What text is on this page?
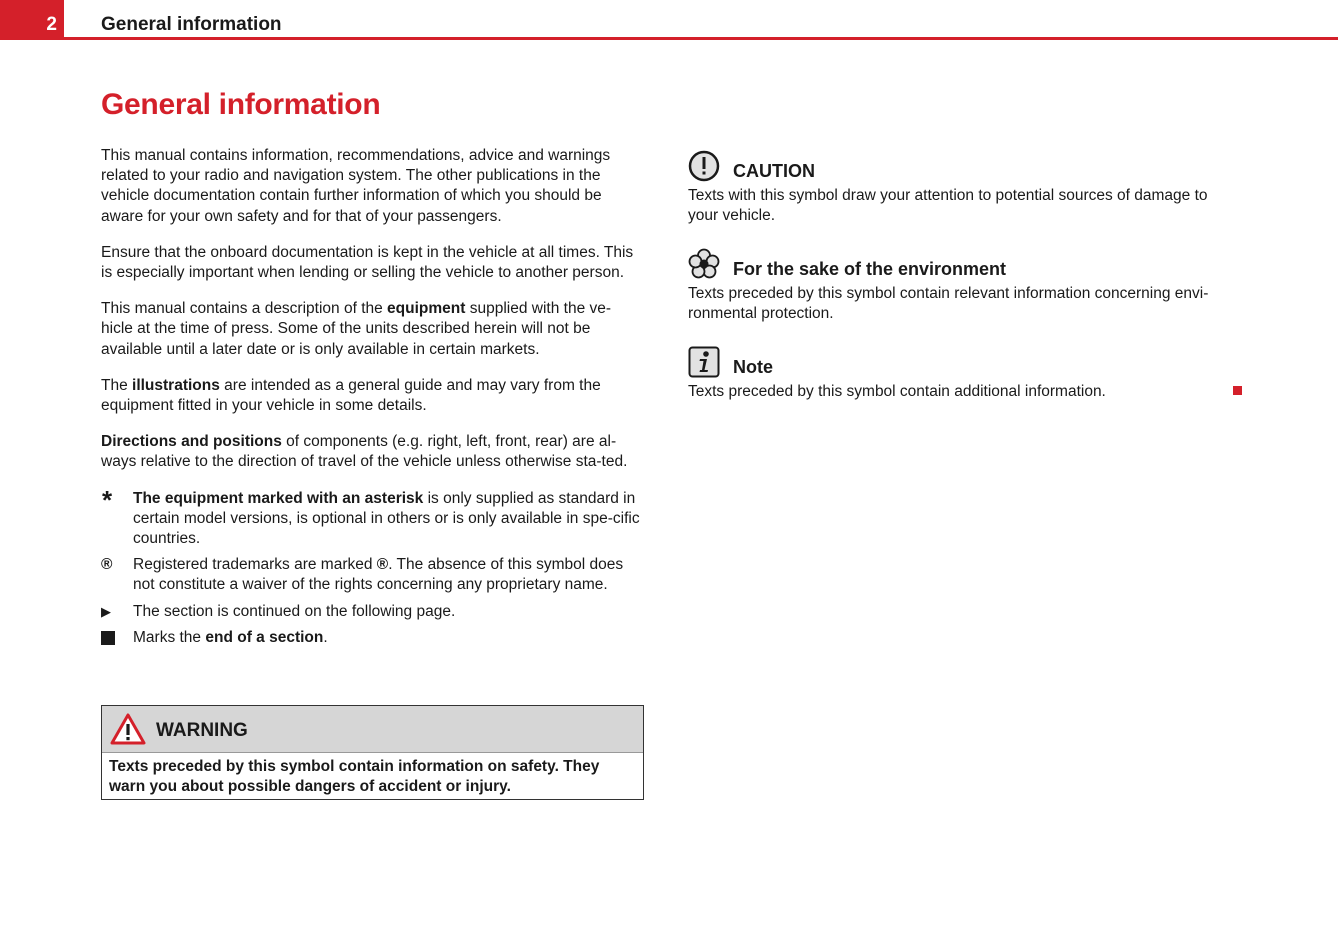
2 General information
General information

This manual contains information, recommendations, advice and warnings related to your radio and navigation system. The other publications in the vehicle documentation contain further information of which you should be aware for your own safety and for that of your passengers.

Ensure that the onboard documentation is kept in the vehicle at all times. This is especially important when lending or selling the vehicle to another person.

This manual contains a description of the equipment supplied with the ve-hicle at the time of press. Some of the units described herein will not be available until a later date or is only available in certain markets.

The illustrations are intended as a general guide and may vary from the equipment fitted in your vehicle in some details.

Directions and positions of components (e.g. right, left, front, rear) are al-ways relative to the direction of travel of the vehicle unless otherwise sta-ted.

*	The equipment marked with an asterisk is only supplied as standard in certain model versions, is optional in others or is only available in spe-cific countries.
®	Registered trademarks are marked ®. The absence of this symbol does not constitute a waiver of the rights concerning any proprietary name.
▶	The section is continued on the following page.
Marks the end of a section.
WARNING
Texts preceded by this symbol contain information on safety. They warn you about possible dangers of accident or injury.
CAUTION
Texts with this symbol draw your attention to potential sources of damage to your vehicle.
For the sake of the environment
Texts preceded by this symbol contain relevant information concerning envi-ronmental protection.
Note
Texts preceded by this symbol contain additional information.
